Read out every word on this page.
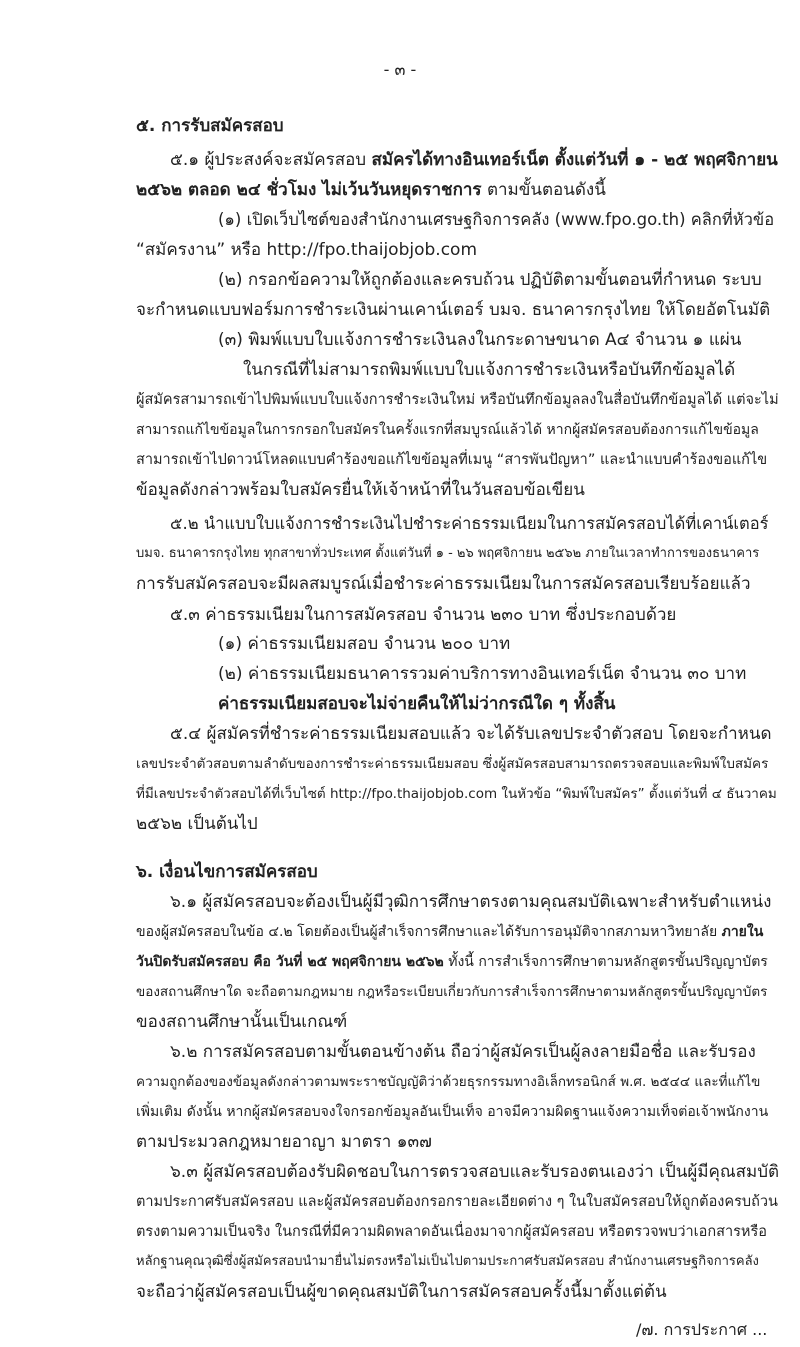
- ๓ -
๕. การรับสมัครสอบ
๕.๑ ผู้ประสงค์จะสมัครสอบ สมัครได้ทางอินเทอร์เน็ต ตั้งแต่วันที่ ๑ - ๒๕ พฤศจิกายน
๒๕๖๒ ตลอด ๒๔ ชั่วโมง ไม่เว้นวันหยุดราชการ ตามขั้นตอนดังนี้
(๑) เปิดเว็บไซต์ของสำนักงานเศรษฐกิจการคลัง (www.fpo.go.th) คลิกที่หัวข้อ
“สมัครงาน” หรือ http://fpo.thaijobjob.com
(๒) กรอกข้อความให้ถูกต้องและครบถ้วน ปฏิบัติตามขั้นตอนที่กำหนด ระบบ
จะกำหนดแบบฟอร์มการชำระเงินผ่านเคาน์เตอร์ บมจ. ธนาคารกรุงไทย ให้โดยอัตโนมัติ
(๓) พิมพ์แบบใบแจ้งการชำระเงินลงในกระดาษขนาด A๔ จำนวน ๑ แผ่น
ในกรณีที่ไม่สามารถพิมพ์แบบใบแจ้งการชำระเงินหรือบันทึกข้อมูลได้
ผู้สมัครสามารถเข้าไปพิมพ์แบบใบแจ้งการชำระเงินใหม่ หรือบันทึกข้อมูลลงในสื่อบันทึกข้อมูลได้ แต่จะไม่
สามารถแก้ไขข้อมูลในการกรอกใบสมัครในครั้งแรกที่สมบูรณ์แล้วได้ หากผู้สมัครสอบต้องการแก้ไขข้อมูล
สามารถเข้าไปดาวน์โหลดแบบคำร้องขอแก้ไขข้อมูลที่เมนู “สารพันปัญหา” และนำแบบคำร้องขอแก้ไข
ข้อมูลดังกล่าวพร้อมใบสมัครยื่นให้เจ้าหน้าที่ในวันสอบข้อเขียน
๕.๒ นำแบบใบแจ้งการชำระเงินไปชำระค่าธรรมเนียมในการสมัครสอบได้ที่เคาน์เตอร์
บมจ. ธนาคารกรุงไทย ทุกสาขาทั่วประเทศ ตั้งแต่วันที่ ๑ - ๒๖ พฤศจิกายน ๒๕๖๒ ภายในเวลาทำการของธนาคาร
การรับสมัครสอบจะมีผลสมบูรณ์เมื่อชำระค่าธรรมเนียมในการสมัครสอบเรียบร้อยแล้ว
๕.๓ ค่าธรรมเนียมในการสมัครสอบ จำนวน ๒๓๐ บาท ซึ่งประกอบด้วย
(๑) ค่าธรรมเนียมสอบ จำนวน ๒๐๐ บาท
(๒) ค่าธรรมเนียมธนาคารรวมค่าบริการทางอินเทอร์เน็ต จำนวน ๓๐ บาท
ค่าธรรมเนียมสอบจะไม่จ่ายคืนให้ไม่ว่ากรณีใด ๆ ทั้งสิ้น
๕.๔ ผู้สมัครที่ชำระค่าธรรมเนียมสอบแล้ว จะได้รับเลขประจำตัวสอบ โดยจะกำหนด
เลขประจำตัวสอบตามลำดับของการชำระค่าธรรมเนียมสอบ ซึ่งผู้สมัครสอบสามารถตรวจสอบและพิมพ์ใบสมัคร
ที่มีเลขประจำตัวสอบได้ที่เว็บไซต์ http://fpo.thaijobjob.com ในหัวข้อ “พิมพ์ใบสมัคร” ตั้งแต่วันที่ ๔ ธันวาคม
๒๕๖๒ เป็นต้นไป
๖. เงื่อนไขการสมัครสอบ
๖.๑ ผู้สมัครสอบจะต้องเป็นผู้มีวุฒิการศึกษาตรงตามคุณสมบัติเฉพาะสำหรับตำแหน่ง
ของผู้สมัครสอบในข้อ ๔.๒ โดยต้องเป็นผู้สำเร็จการศึกษาและได้รับการอนุมัติจากสภามหาวิทยาลัย ภายใน
วันปิดรับสมัครสอบ คือ วันที่ ๒๕ พฤศจิกายน ๒๕๖๒ ทั้งนี้ การสำเร็จการศึกษาตามหลักสูตรขั้นปริญญาบัตร
ของสถานศึกษาใด จะถือตามกฎหมาย กฎหรือระเบียบเกี่ยวกับการสำเร็จการศึกษาตามหลักสูตรขั้นปริญญาบัตร
ของสถานศึกษานั้นเป็นเกณฑ์
๖.๒ การสมัครสอบตามขั้นตอนข้างต้น ถือว่าผู้สมัครเป็นผู้ลงลายมือชื่อ และรับรอง
ความถูกต้องของข้อมูลดังกล่าวตามพระราชบัญญัติว่าด้วยธุรกรรมทางอิเล็กทรอนิกส์ พ.ศ. ๒๕๔๔ และที่แก้ไข
เพิ่มเติม ดังนั้น หากผู้สมัครสอบจงใจกรอกข้อมูลอันเป็นเท็จ อาจมีความผิดฐานแจ้งความเท็จต่อเจ้าพนักงาน
ตามประมวลกฎหมายอาญา มาตรา ๑๓๗
๖.๓ ผู้สมัครสอบต้องรับผิดชอบในการตรวจสอบและรับรองตนเองว่า เป็นผู้มีคุณสมบัติ
ตามประกาศรับสมัครสอบ และผู้สมัครสอบต้องกรอกรายละเอียดต่าง ๆ ในใบสมัครสอบให้ถูกต้องครบถ้วน
ตรงตามความเป็นจริง ในกรณีที่มีความผิดพลาดอันเนื่องมาจากผู้สมัครสอบ หรือตรวจพบว่าเอกสารหรือ
หลักฐานคุณวุฒิซึ่งผู้สมัครสอบนำมายื่นไม่ตรงหรือไม่เป็นไปตามประกาศรับสมัครสอบ สำนักงานเศรษฐกิจการคลัง
จะถือว่าผู้สมัครสอบเป็นผู้ขาดคุณสมบัติในการสมัครสอบครั้งนี้มาตั้งแต่ต้น
/๗. การประกาศ ...
